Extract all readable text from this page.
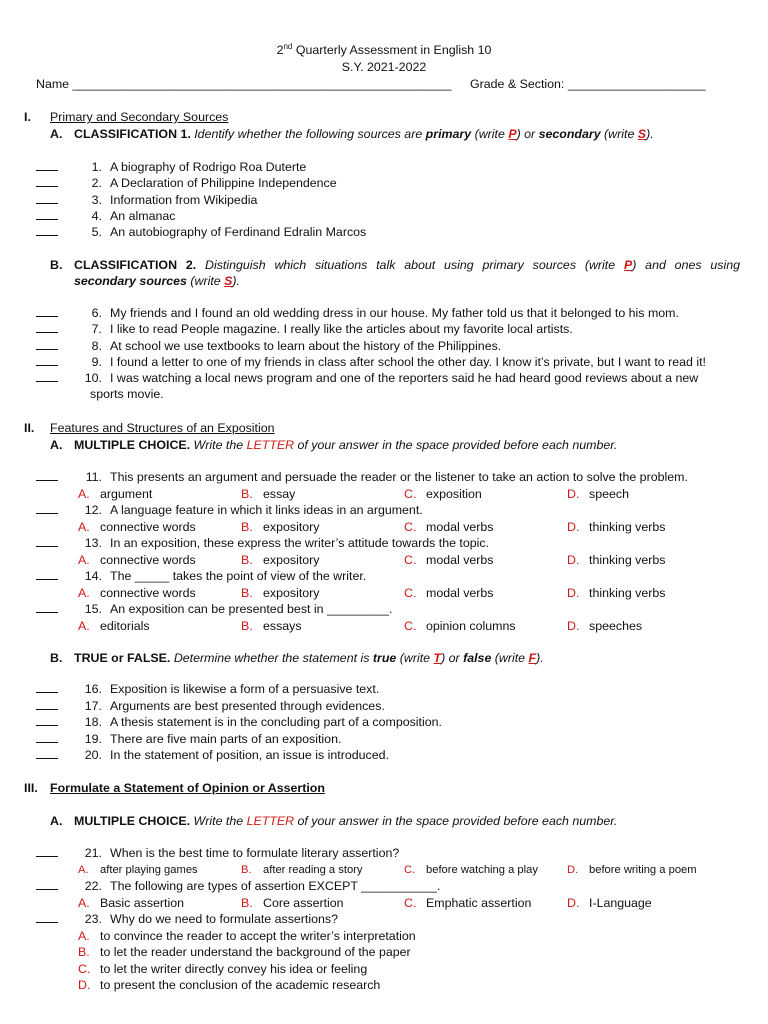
2nd Quarterly Assessment in English 10
S.Y. 2021-2022
Name _______________________________________________________ Grade & Section: ____________________
I. Primary and Secondary Sources
A. CLASSIFICATION 1. Identify whether the following sources are primary (write P) or secondary (write S).
1. A biography of Rodrigo Roa Duterte
2. A Declaration of Philippine Independence
3. Information from Wikipedia
4. An almanac
5. An autobiography of Ferdinand Edralin Marcos
B. CLASSIFICATION 2. Distinguish which situations talk about using primary sources (write P) and ones using
secondary sources (write S).
6. My friends and I found an old wedding dress in our house. My father told us that it belonged to his mom.
7. I like to read People magazine. I really like the articles about my favorite local artists.
8. At school we use textbooks to learn about the history of the Philippines.
9. I found a letter to one of my friends in class after school the other day. I know it’s private, but I want to read it!
10. I was watching a local news program and one of the reporters said he had heard good reviews about a new
sports movie.
II. Features and Structures of an Exposition
A. MULTIPLE CHOICE. Write the LETTER of your answer in the space provided before each number.
11. This presents an argument and persuade the reader or the listener to take an action to solve the problem.
A. argument	B. essay	C. exposition	D. speech
12. A language feature in which it links ideas in an argument.
A. connective words	B. expository	C. modal verbs	D. thinking verbs
13. In an exposition, these express the writer’s attitude towards the topic.
A. connective words	B. expository	C. modal verbs	D. thinking verbs
14. The _____ takes the point of view of the writer.
A. connective words	B. expository	C. modal verbs	D. thinking verbs
15. An exposition can be presented best in _________.
A. editorials	B. essays	C. opinion columns	D. speeches
B. TRUE or FALSE. Determine whether the statement is true (write T) or false (write F).
16. Exposition is likewise a form of a persuasive text.
17. Arguments are best presented through evidences.
18. A thesis statement is in the concluding part of a composition.
19. There are five main parts of an exposition.
20. In the statement of position, an issue is introduced.
III. Formulate a Statement of Opinion or Assertion
A. MULTIPLE CHOICE. Write the LETTER of your answer in the space provided before each number.
21. When is the best time to formulate literary assertion?
A. after playing games	B. after reading a story	C. before watching a play	D. before writing a poem
22. The following are types of assertion EXCEPT ___________.
A. Basic assertion	B. Core assertion	C. Emphatic assertion	D. I-Language
23. Why do we need to formulate assertions?
A. to convince the reader to accept the writer’s interpretation
B. to let the reader understand the background of the paper
C. to let the writer directly convey his idea or feeling
D. to present the conclusion of the academic research
